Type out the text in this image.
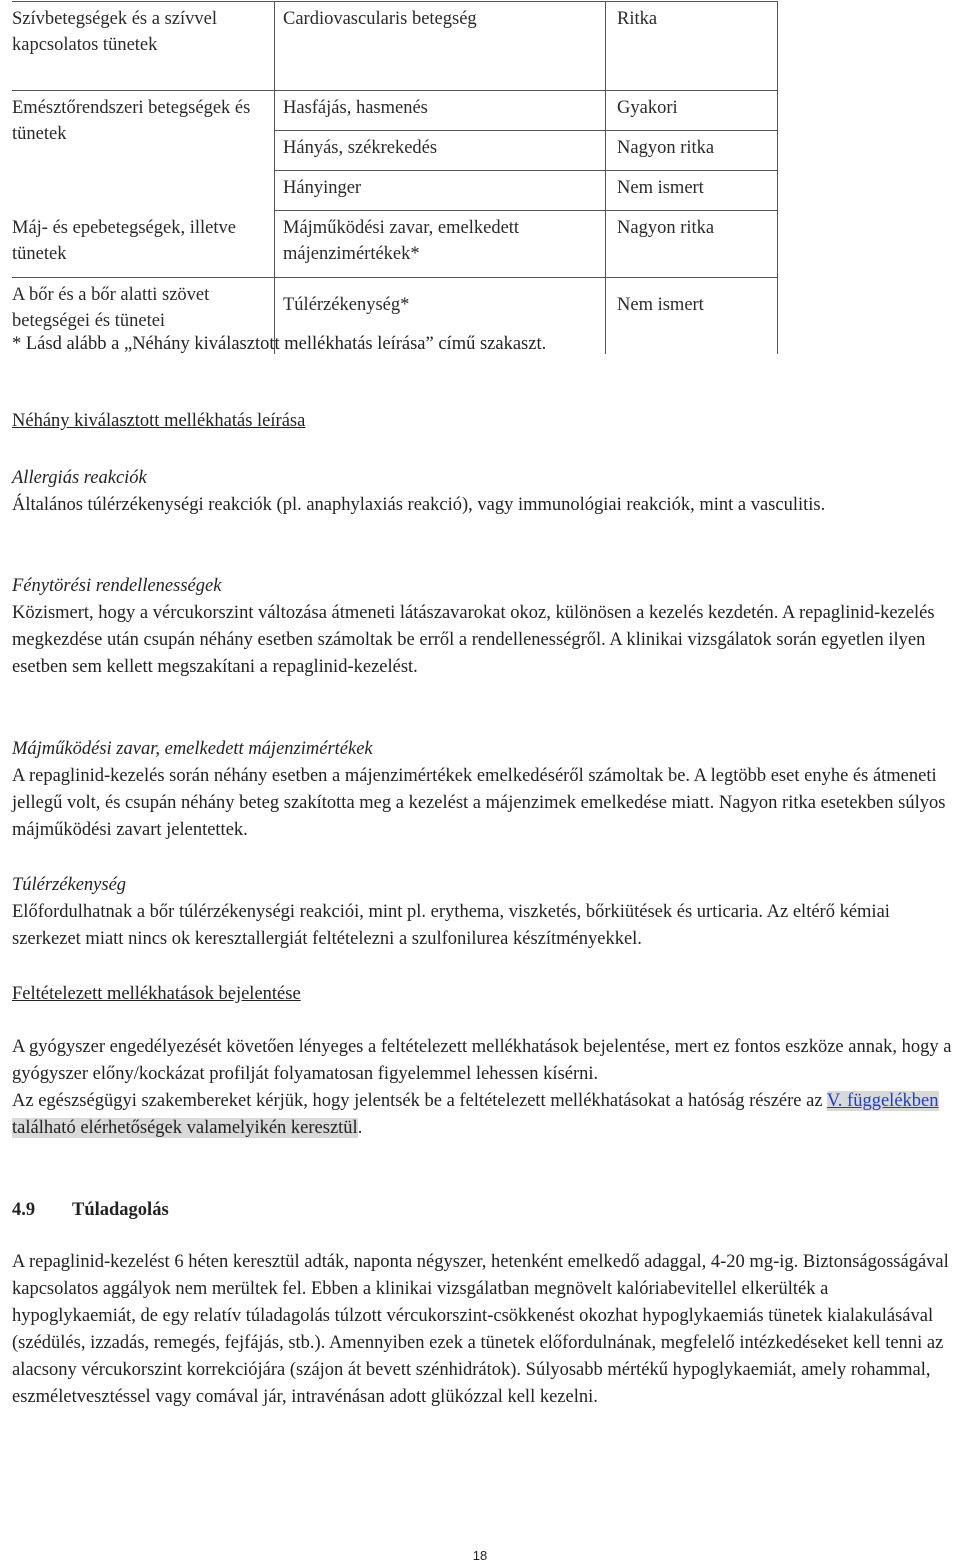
Szívbetegségek és a szívvel kapcsolatos tünetek	Cardiovascularis betegség	Ritka
Emésztőrendszeri betegségek és tünetek	Hasfájás, hasmenés	Gyakori
	Hányás, székrekedés	Nagyon ritka
	Hányinger	Nem ismert
Máj- és epebetegségek, illetve tünetek	Májműködési zavar, emelkedett májenzimértékek*	Nagyon ritka
A bőr és a bőr alatti szövet betegségei és tünetei	Túlérzékenység*	Nem ismert
* Lásd alább a „Néhány kiválasztott mellékhatás leírása” című szakaszt.
Néhány kiválasztott mellékhatás leírása
Allergiás reakciók
Általános túlérzékenységi reakciók (pl. anaphylaxiás reakció), vagy immunológiai reakciók, mint a vasculitis.
Fénytörési rendellenességek
Közismert, hogy a vércukorszint változása átmeneti látászavarokat okoz, különösen a kezelés kezdetén. A repaglinid-kezelés megkezdése után csupán néhány esetben számoltak be erről a rendellenességről. A klinikai vizsgálatok során egyetlen ilyen esetben sem kellett megszakítani a repaglinid-kezelést.
Májműködési zavar, emelkedett májenzimértékek
A repaglinid-kezelés során néhány esetben a májenzimértékek emelkedéséről számoltak be. A legtöbb eset enyhe és átmeneti jellegű volt, és csupán néhány beteg szakította meg a kezelést a májenzimek emelkedése miatt. Nagyon ritka esetekben súlyos májműködési zavart jelentettek.
Túlérzékenység
Előfordulhatnak a bőr túlérzékenységi reakciói, mint pl. erythema, viszketés, bőrkiütések és urticaria. Az eltérő kémiai szerkezet miatt nincs ok keresztallergiát feltételezni a szulfonilurea készítményekkel.
Feltételezett mellékhatások bejelentése
A gyógyszer engedélyezését követően lényeges a feltételezett mellékhatások bejelentése, mert ez fontos eszköze annak, hogy a gyógyszer előny/kockázat profilját folyamatosan figyelemmel lehessen kísérni.
Az egészségügyi szakembereket kérjük, hogy jelentsék be a feltételezett mellékhatásokat a hatóság részére az V. függelékben található elérhetőségek valamelyikén keresztül.
4.9 Túladagolás
A repaglinid-kezelést 6 héten keresztül adták, naponta négyszer, hetenként emelkedő adaggal, 4-20 mg-ig. Biztonságosságával kapcsolatos aggályok nem merültek fel. Ebben a klinikai vizsgálatban megnövelt kalóriabevitellel elkerülték a hypoglykaemiát, de egy relatív túladagolás túlzott vércukorszint-csökkenést okozhat hypoglykaemiás tünetek kialakulásával (szédülés, izzadás, remegés, fejfájás, stb.). Amennyiben ezek a tünetek előfordulnának, megfelelő intézkedéseket kell tenni az alacsony vércukorszint korrekciójára (szájon át bevett szénhidrátok). Súlyosabb mértékű hypoglykaemiát, amely rohammal, eszméletvesztéssel vagy comával jár, intravénásan adott glükózzal kell kezelni.
18
